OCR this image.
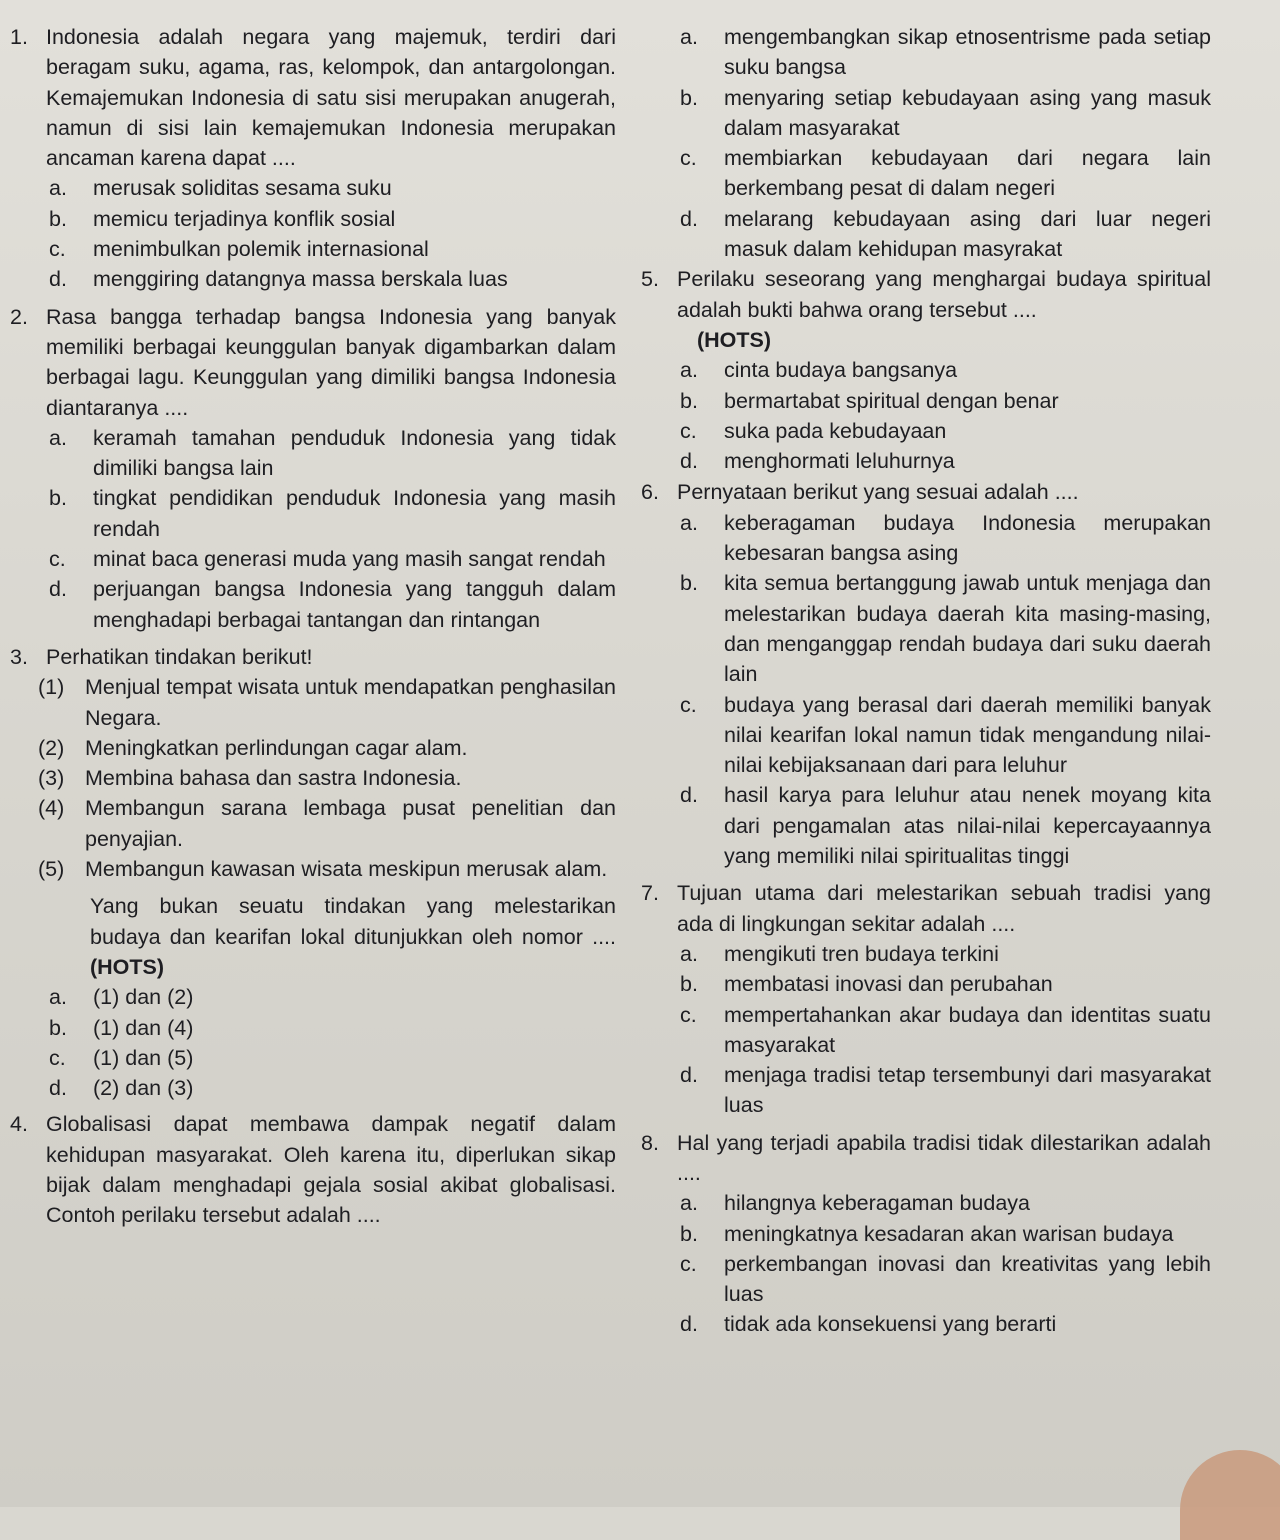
1. Indonesia adalah negara yang majemuk, terdiri dari beragam suku, agama, ras, kelompok, dan antargolongan. Kemajemukan Indonesia di satu sisi merupakan anugerah, namun di sisi lain kemajemukan Indonesia merupakan ancaman karena dapat ....
a.	merusak soliditas sesama suku
b.	memicu terjadinya konflik sosial
c.	menimbulkan polemik internasional
d.	menggiring datangnya massa berskala luas
2. Rasa bangga terhadap bangsa Indonesia yang banyak memiliki berbagai keunggulan banyak digambarkan dalam berbagai lagu. Keunggulan yang dimiliki bangsa Indonesia diantaranya ....
a.	keramah tamahan penduduk Indonesia yang tidak dimiliki bangsa lain
b.	tingkat pendidikan penduduk Indonesia yang masih rendah
c.	minat baca generasi muda yang masih sangat rendah
d.	perjuangan bangsa Indonesia yang tangguh dalam menghadapi berbagai tantangan dan rintangan
3. Perhatikan tindakan berikut!
(1) Menjual tempat wisata untuk mendapatkan penghasilan Negara.
(2) Meningkatkan perlindungan cagar alam.
(3) Membina bahasa dan sastra Indonesia.
(4) Membangun sarana lembaga pusat penelitian dan penyajian.
(5) Membangun kawasan wisata meskipun merusak alam.
Yang bukan seuatu tindakan yang melestarikan budaya dan kearifan lokal ditunjukkan oleh nomor .... (HOTS)
a.	(1) dan (2)
b.	(1) dan (4)
c.	(1) dan (5)
d.	(2) dan (3)
4. Globalisasi dapat membawa dampak negatif dalam kehidupan masyarakat. Oleh karena itu, diperlukan sikap bijak dalam menghadapi gejala sosial akibat globalisasi. Contoh perilaku tersebut adalah ....
a.	mengembangkan sikap etnosentrisme pada setiap suku bangsa
b.	menyaring setiap kebudayaan asing yang masuk dalam masyarakat
c.	membiarkan kebudayaan dari negara lain berkembang pesat di dalam negeri
d.	melarang kebudayaan asing dari luar negeri masuk dalam kehidupan masyrakat
5. Perilaku seseorang yang menghargai budaya spiritual adalah bukti bahwa orang tersebut ....
(HOTS)
a.	cinta budaya bangsanya
b.	bermartabat spiritual dengan benar
c.	suka pada kebudayaan
d.	menghormati leluhurnya
6. Pernyataan berikut yang sesuai adalah ....
a.	keberagaman budaya Indonesia merupakan kebesaran bangsa asing
b.	kita semua bertanggung jawab untuk menjaga dan melestarikan budaya daerah kita masing-masing, dan menganggap rendah budaya dari suku daerah lain
c.	budaya yang berasal dari daerah memiliki banyak nilai kearifan lokal namun tidak mengandung nilai-nilai kebijaksanaan dari para leluhur
d.	hasil karya para leluhur atau nenek moyang kita dari pengamalan atas nilai-nilai kepercayaannya yang memiliki nilai spiritualitas tinggi
7. Tujuan utama dari melestarikan sebuah tradisi yang ada di lingkungan sekitar adalah ....
a.	mengikuti tren budaya terkini
b.	membatasi inovasi dan perubahan
c.	mempertahankan akar budaya dan identitas suatu masyarakat
d.	menjaga tradisi tetap tersembunyi dari masyarakat luas
8. Hal yang terjadi apabila tradisi tidak dilestarikan adalah ....
a.	hilangnya keberagaman budaya
b.	meningkatnya kesadaran akan warisan budaya
c.	perkembangan inovasi dan kreativitas yang lebih luas
d.	tidak ada konsekuensi yang berarti
